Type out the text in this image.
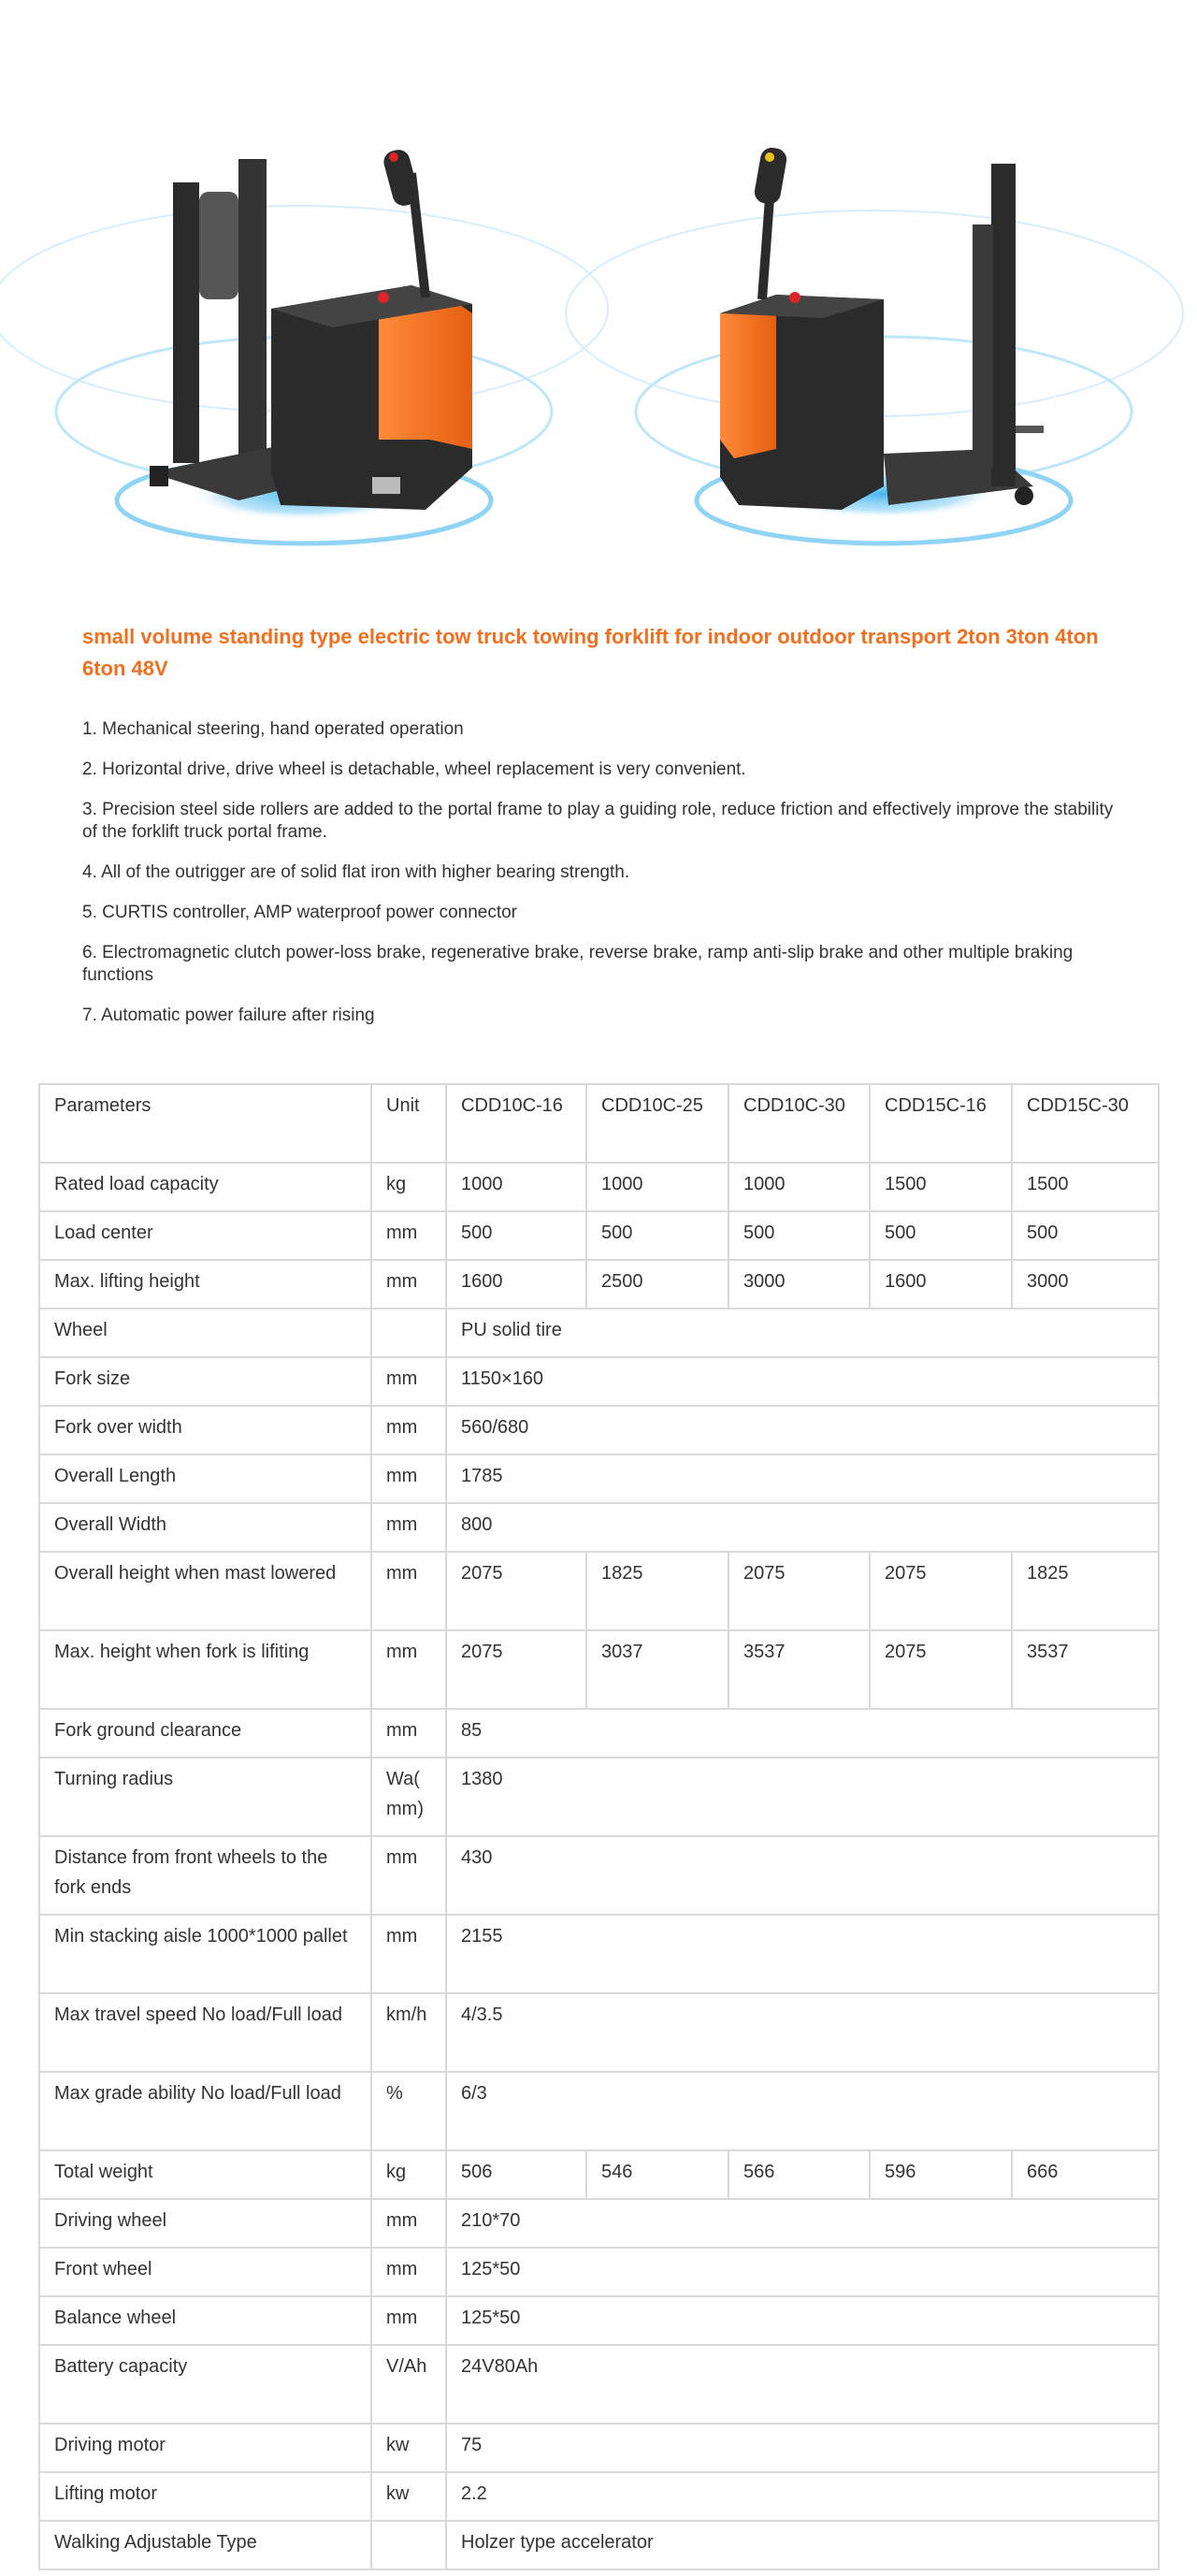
small volume standing type electric tow truck towing forklift for indoor outdoor transport 2ton 3ton 4ton 6ton 48V
1. Mechanical steering, hand operated operation
2. Horizontal drive, drive wheel is detachable, wheel replacement is very convenient.
3. Precision steel side rollers are added to the portal frame to play a guiding role, reduce friction and effectively improve the stability of the forklift truck portal frame.
4. All of the outrigger are of solid flat iron with higher bearing strength.
5. CURTIS controller, AMP waterproof power connector
6. Electromagnetic clutch power-loss brake, regenerative brake, reverse brake, ramp anti-slip brake and other multiple braking functions
7. Automatic power failure after rising
Parameters	Unit	CDD10C-16	CDD10C-25	CDD10C-30	CDD15C-16	CDD15C-30
Rated load capacity	kg	1000	1000	1000	1500	1500
Load center	mm	500	500	500	500	500
Max. lifting height	mm	1600	2500	3000	1600	3000
Wheel		PU solid tire				
Fork size	mm	1150×160				
Fork over width	mm	560/680				
Overall Length	mm	1785				
Overall Width	mm	800				
Overall height when mast lowered	mm	2075	1825	2075	2075	1825
Max. height when fork is lifiting	mm	2075	3037	3537	2075	3537
Fork ground clearance	mm	85				
Turning radius	Wa(mm)	1380				
Distance from front wheels to the fork ends	mm	430				
Min stacking aisle 1000*1000 pallet	mm	2155				
Max travel speed No load/Full load	km/h	4/3.5				
Max grade ability No load/Full load	%	6/3				
Total weight	kg	506	546	566	596	666
Driving wheel	mm	210*70				
Front wheel	mm	125*50				
Balance wheel	mm	125*50				
Battery capacity	V/Ah	24V80Ah				
Driving motor	kw	75				
Lifting motor	kw	2.2				
Walking Adjustable Type		Holzer type accelerator				
